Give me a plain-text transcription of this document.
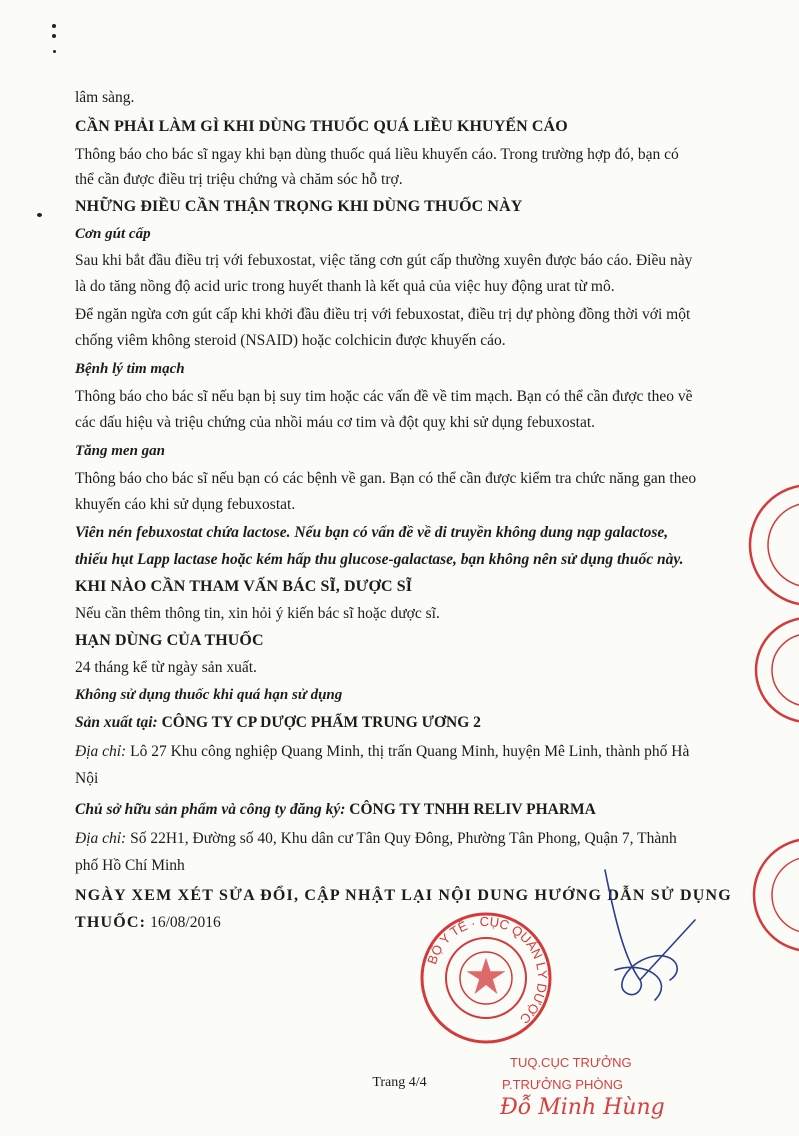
lâm sàng.
CẦN PHẢI LÀM GÌ KHI DÙNG THUỐC QUÁ LIỀU KHUYẾN CÁO
Thông báo cho bác sĩ ngay khi bạn dùng thuốc quá liều khuyến cáo. Trong trường hợp đó, bạn có
thể cần được điều trị triệu chứng và chăm sóc hỗ trợ.
NHỮNG ĐIỀU CẦN THẬN TRỌNG KHI DÙNG THUỐC NÀY
Cơn gút cấp
Sau khi bắt đầu điều trị với febuxostat, việc tăng cơn gút cấp thường xuyên được báo cáo. Điều này
là do tăng nồng độ acid uric trong huyết thanh là kết quả của việc huy động urat từ mô.
Để ngăn ngừa cơn gút cấp khi khởi đầu điều trị với febuxostat, điều trị dự phòng đồng thời với một
chống viêm không steroid (NSAID) hoặc colchicin được khuyến cáo.
Bệnh lý tim mạch
Thông báo cho bác sĩ nếu bạn bị suy tim hoặc các vấn đề về tim mạch. Bạn có thể cần được theo về
các dấu hiệu và triệu chứng của nhồi máu cơ tim và đột quỵ khi sử dụng febuxostat.
Tăng men gan
Thông báo cho bác sĩ nếu bạn có các bệnh về gan. Bạn có thể cần được kiểm tra chức năng gan theo
khuyến cáo khi sử dụng febuxostat.
Viên nén febuxostat chứa lactose. Nếu bạn có vấn đề về di truyền không dung nạp galactose,
thiếu hụt Lapp lactase hoặc kém hấp thu glucose-galactase, bạn không nên sử dụng thuốc này.
KHI NÀO CẦN THAM VẤN BÁC SĨ, DƯỢC SĨ
Nếu cần thêm thông tin, xin hỏi ý kiến bác sĩ hoặc dược sĩ.
HẠN DÙNG CỦA THUỐC
24 tháng kể từ ngày sản xuất.
Không sử dụng thuốc khi quá hạn sử dụng
Sản xuất tại: CÔNG TY CP DƯỢC PHẨM TRUNG ƯƠNG 2
Địa chỉ: Lô 27 Khu công nghiệp Quang Minh, thị trấn Quang Minh, huyện Mê Linh, thành phố Hà
Nội
Chủ sở hữu sản phẩm và công ty đăng ký: CÔNG TY TNHH RELIV PHARMA
Địa chỉ: Số 22H1, Đường số 40, Khu dân cư Tân Quy Đông, Phường Tân Phong, Quận 7, Thành
phố Hồ Chí Minh
NGÀY XEM XÉT SỬA ĐỔI, CẬP NHẬT LẠI NỘI DUNG HƯỚNG DẪN SỬ DỤNG
THUỐC: 16/08/2016
BỘ Y TẾ · CỤC QUẢN LÝ DƯỢC
Trang 4/4
TUQ.CỤC TRƯỞNG
P.TRƯỞNG PHÒNG
Đỗ Minh Hùng
